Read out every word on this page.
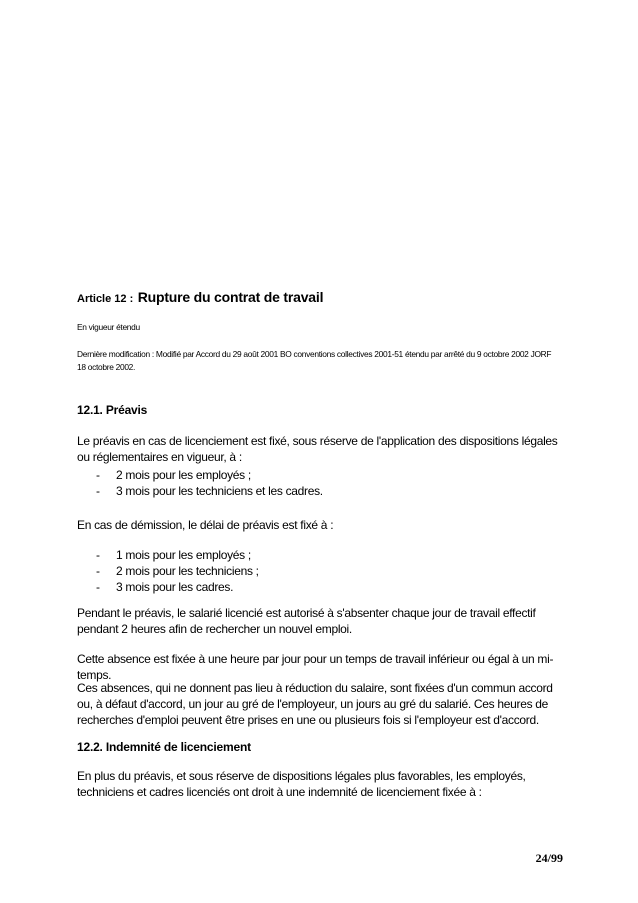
Article 12 : Rupture du contrat de travail
En vigueur étendu
Dernière modification : Modifié par Accord du 29 août 2001 BO conventions collectives 2001-51 étendu par arrêté du 9 octobre 2002 JORF 18 octobre 2002.
12.1. Préavis
Le préavis en cas de licenciement est fixé, sous réserve de l'application des dispositions légales ou réglementaires en vigueur, à :
-	2 mois pour les employés ;
-	3 mois pour les techniciens et les cadres.
En cas de démission, le délai de préavis est fixé à :
-	1 mois pour les employés ;
-	2 mois pour les techniciens ;
-	3 mois pour les cadres.
Pendant le préavis, le salarié licencié est autorisé à s'absenter chaque jour de travail effectif pendant 2 heures afin de rechercher un nouvel emploi.
Cette absence est fixée à une heure par jour pour un temps de travail inférieur ou égal à un mi-temps.
Ces absences, qui ne donnent pas lieu à réduction du salaire, sont fixées d'un commun accord ou, à défaut d'accord, un jour au gré de l'employeur, un jours au gré du salarié. Ces heures de recherches d'emploi peuvent être prises en une ou plusieurs fois si l'employeur est d'accord.
12.2. Indemnité de licenciement
En plus du préavis, et sous réserve de dispositions légales plus favorables, les employés, techniciens et cadres licenciés ont droit à une indemnité de licenciement fixée à :
24/99
